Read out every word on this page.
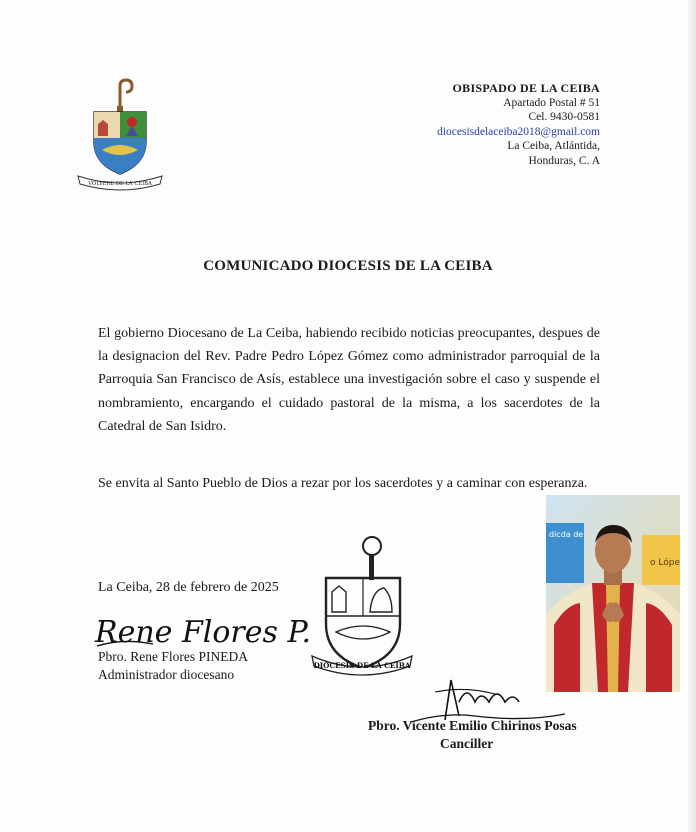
VOLVERE DE LA CEIBA
OBISPADO DE LA CEIBA
Apartado Postal # 51
Cel. 9430-0581
diocesisdelaceiba2018@gmail.com
La Ceiba, Atlántida,
Honduras, C. A
COMUNICADO DIOCESIS DE LA CEIBA
El gobierno Diocesano de La Ceiba, habiendo recibido noticias preocupantes, despues de la designacion del Rev. Padre Pedro López Gómez como administrador parroquial de la Parroquia San Francisco de Asís, establece una investigación sobre el caso y suspende el nombramiento, encargando el cuidado pastoral de la misma, a los sacerdotes de la Catedral de San Isidro.
Se envita al Santo Pueblo de Dios a rezar por los sacerdotes y a caminar con esperanza.
La Ceiba, 28 de febrero de 2025
Rene Flores P.
Pbro. Rene Flores PINEDA
Administrador diocesano
DIOCESIS DE LA CEIBA
Pbro. Vicente Emilio Chirinos Posas
Canciller
dicda de
o Lópe
